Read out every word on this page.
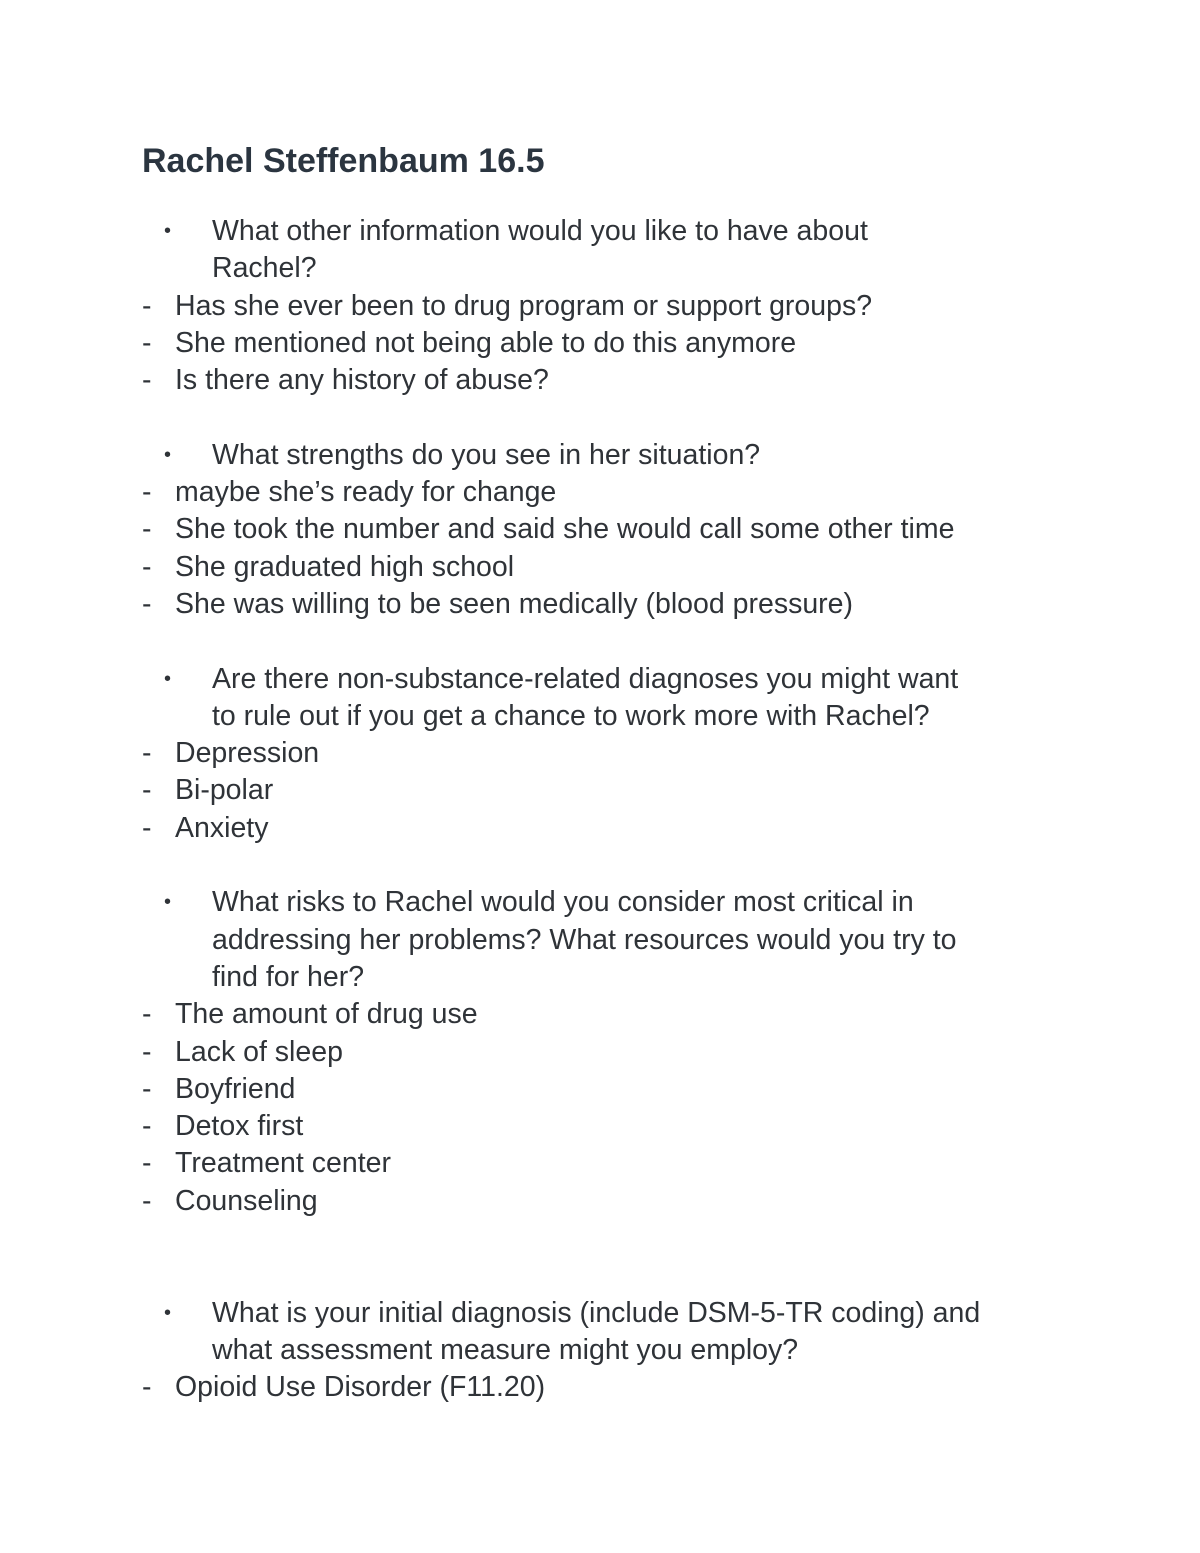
Rachel Steffenbaum 16.5
• What other information would you like to have about
Rachel?
- Has she ever been to drug program or support groups?
- She mentioned not being able to do this anymore
- Is there any history of abuse?
• What strengths do you see in her situation?
- maybe she’s ready for change
- She took the number and said she would call some other time
- She graduated high school
- She was willing to be seen medically (blood pressure)
• Are there non-substance-related diagnoses you might want
to rule out if you get a chance to work more with Rachel?
- Depression
- Bi-polar
- Anxiety
• What risks to Rachel would you consider most critical in
addressing her problems? What resources would you try to
find for her?
- The amount of drug use
- Lack of sleep
- Boyfriend
- Detox first
- Treatment center
- Counseling
• What is your initial diagnosis (include DSM-5-TR coding) and
what assessment measure might you employ?
- Opioid Use Disorder (F11.20)
